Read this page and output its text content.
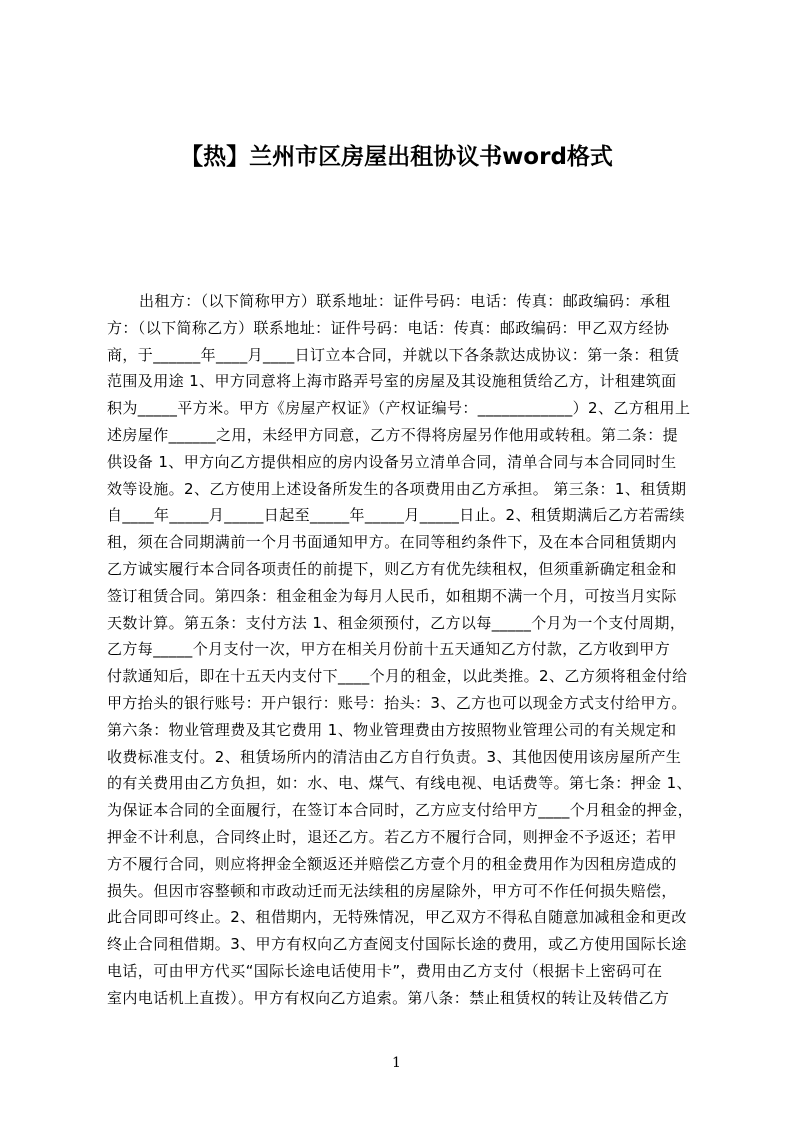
【热】兰州市区房屋出租协议书word格式
出租方：（以下简称甲方）联系地址：证件号码：电话：传真：邮政编码：承租
方：（以下简称乙方）联系地址：证件号码：电话：传真：邮政编码：甲乙双方经协
商，于______年____月____日订立本合同，并就以下各条款达成协议：第一条：租赁
范围及用途 1、甲方同意将上海市路弄号室的房屋及其设施租赁给乙方，计租建筑面
积为_____平方米。甲方《房屋产权证》（产权证编号：____________）2、乙方租用上
述房屋作______之用，未经甲方同意，乙方不得将房屋另作他用或转租。第二条：提
供设备 1、甲方向乙方提供相应的房内设备另立清单合同，清单合同与本合同同时生
效等设施。2、乙方使用上述设备所发生的各项费用由乙方承担。 第三条：1、租赁期
自____年_____月_____日起至_____年_____月_____日止。2、租赁期满后乙方若需续
租，须在合同期满前一个月书面通知甲方。在同等租约条件下，及在本合同租赁期内
乙方诚实履行本合同各项责任的前提下，则乙方有优先续租权，但须重新确定租金和
签订租赁合同。第四条：租金租金为每月人民币，如租期不满一个月，可按当月实际
天数计算。第五条：支付方法 1、租金须预付，乙方以每_____个月为一个支付周期，
乙方每_____个月支付一次，甲方在相关月份前十五天通知乙方付款，乙方收到甲方
付款通知后，即在十五天内支付下____个月的租金，以此类推。2、乙方须将租金付给
甲方抬头的银行账号：开户银行：账号：抬头：3、乙方也可以现金方式支付给甲方。
第六条：物业管理费及其它费用 1、物业管理费由方按照物业管理公司的有关规定和
收费标准支付。2、租赁场所内的清洁由乙方自行负责。3、其他因使用该房屋所产生
的有关费用由乙方负担，如：水、电、煤气、有线电视、电话费等。第七条：押金 1、
为保证本合同的全面履行，在签订本合同时，乙方应支付给甲方____个月租金的押金，
押金不计利息，合同终止时，退还乙方。若乙方不履行合同，则押金不予返还；若甲
方不履行合同，则应将押金全额返还并赔偿乙方壹个月的租金费用作为因租房造成的
损失。但因市容整顿和市政动迁而无法续租的房屋除外，甲方可不作任何损失赔偿，
此合同即可终止。2、租借期内，无特殊情况，甲乙双方不得私自随意加减租金和更改
终止合同租借期。3、甲方有权向乙方查阅支付国际长途的费用，或乙方使用国际长途
电话，可由甲方代买“国际长途电话使用卡”，费用由乙方支付（根据卡上密码可在
室内电话机上直拨）。甲方有权向乙方追索。第八条：禁止租赁权的转让及转借乙方
1
